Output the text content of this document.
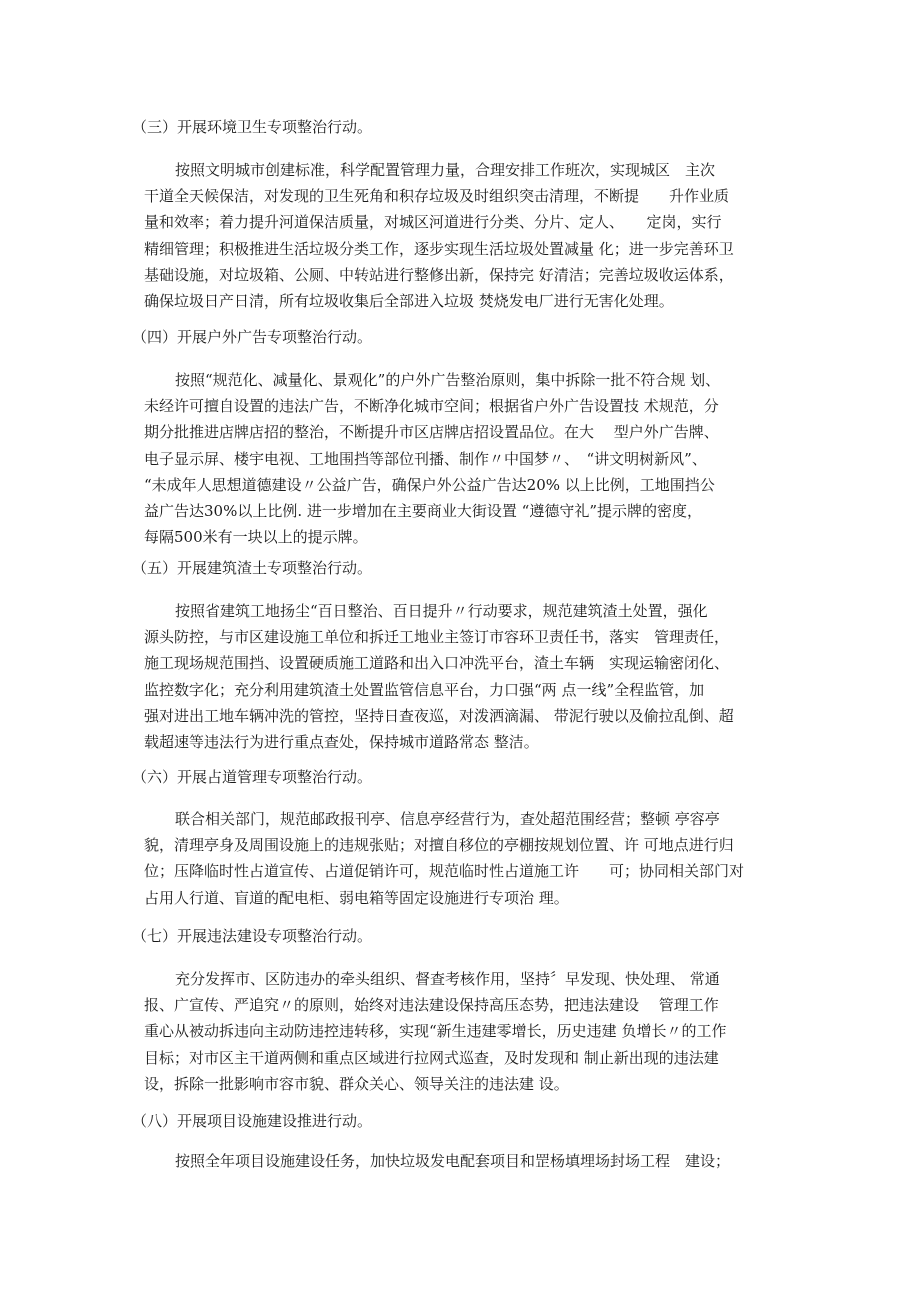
（三）开展环境卫生专项整治行动。
按照文明城市创建标准，科学配置管理力量，合理安排工作班次，实现城区　主次
干道全天候保洁，对发现的卫生死角和积存垃圾及时组织突击清理，不断提　　升作业质
量和效率；着力提升河道保洁质量，对城区河道进行分类、分片、定人、　　定岗，实行
精细管理；积极推进生活垃圾分类工作，逐步实现生活垃圾处置减量 化；进一步完善环卫
基础设施，对垃圾箱、公厕、中转站进行整修出新，保持完 好清洁；完善垃圾收运体系，
确保垃圾日产日清，所有垃圾收集后全部进入垃圾 焚烧发电厂进行无害化处理。
（四）开展户外广告专项整治行动。
按照“规范化、减量化、景观化”的户外广告整治原则，集中拆除一批不符合规 划、
未经许可擅自设置的违法广告，不断净化城市空间；根据省户外广告设置技 术规范，分
期分批推进店牌店招的整治，不断提升市区店牌店招设置品位。在大　 型户外广告牌、
电子显示屏、楼宇电视、工地围挡等部位刊播、制作〃中国梦〃、　“讲文明树新风”、
“未成年人思想道德建设〃公益广告，确保户外公益广告达20% 以上比例，工地围挡公
益广告达30%以上比例. 进一步增加在主要商业大街设置 “遵德守礼”提示牌的密度，
每隔500米有一块以上的提示牌。
（五）开展建筑渣土专项整治行动。
按照省建筑工地扬尘“百日整治、百日提升〃行动要求，规范建筑渣土处置，强化
源头防控，与市区建设施工单位和拆迁工地业主签订市容环卫责任书，落实　管理责任，
施工现场规范围挡、设置硬质施工道路和出入口冲洗平台，渣土车辆　实现运输密闭化、
监控数字化；充分利用建筑渣土处置监管信息平台，力口强“两 点一线”全程监管，加
强对进出工地车辆冲洗的管控，坚持日查夜巡，对泼洒滴漏、 带泥行驶以及偷拉乱倒、超
载超速等违法行为进行重点查处，保持城市道路常态 整洁。
（六）开展占道管理专项整治行动。
联合相关部门，规范邮政报刊亭、信息亭经营行为，查处超范围经营；整顿 亭容亭
貌，清理亭身及周围设施上的违规张贴；对擅自移位的亭棚按规划位置、许 可地点进行归
位；压降临时性占道宣传、占道促销许可，规范临时性占道施工许　　可；协同相关部门对
占用人行道、盲道的配电柜、弱电箱等固定设施进行专项治 理。
（七）开展违法建设专项整治行动。
充分发挥市、区防违办的牵头组织、督查考核作用，坚持〞早发现、快处理、 常通
报、广宣传、严追究〃的原则，始终对违法建设保持高压态势，把违法建设　 管理工作
重心从被动拆违向主动防违控违转移，实现“新生违建零增长，历史违建 负增长〃的工作
目标；对市区主干道两侧和重点区域进行拉网式巡查，及时发现和 制止新出现的违法建
设，拆除一批影响市容市貌、群众关心、领导关注的违法建 设。
（八）开展项目设施建设推进行动。
按照全年项目设施建设任务，加快垃圾发电配套项目和罡杨填埋场封场工程　建设；
